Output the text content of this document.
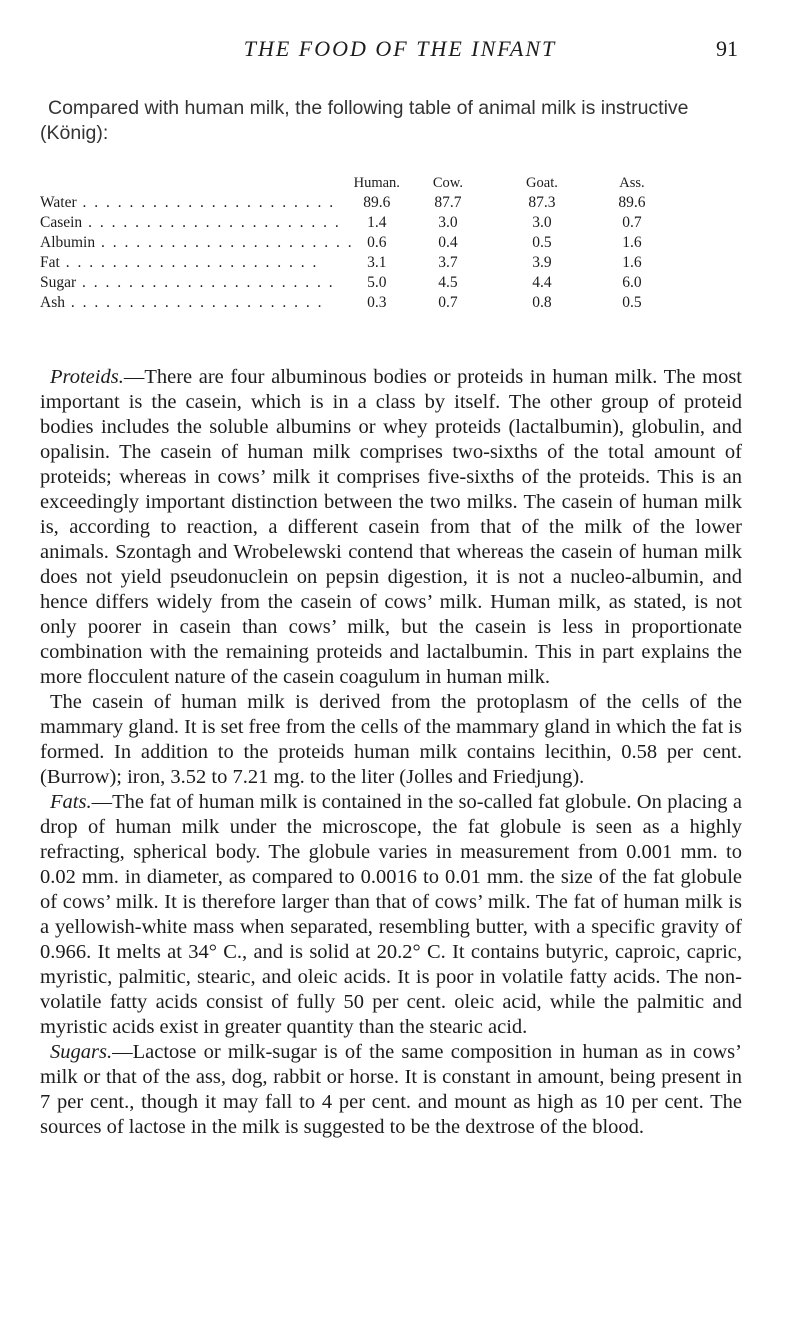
THE FOOD OF THE INFANT	91

Compared with human milk, the following table of animal milk is instructive (König):

	Human.	Cow.	Goat.	Ass.
Water . . . . . . . . . . . . . . . . . . . . . .	89.6	87.7	87.3	89.6
Casein . . . . . . . . . . . . . . . . . . . . . .	1.4	3.0	3.0	0.7
Albumin . . . . . . . . . . . . . . . . . . . . . .	0.6	0.4	0.5	1.6
Fat . . . . . . . . . . . . . . . . . . . . . .	3.1	3.7	3.9	1.6
Sugar . . . . . . . . . . . . . . . . . . . . . .	5.0	4.5	4.4	6.0
Ash . . . . . . . . . . . . . . . . . . . . . .	0.3	0.7	0.8	0.5

Proteids.—There are four albuminous bodies or proteids in human milk. The most important is the casein, which is in a class by itself. The other group of proteid bodies includes the soluble albumins or whey proteids (lactalbumin), globulin, and opalisin. The casein of human milk comprises two-sixths of the total amount of proteids; whereas in cows’ milk it comprises five-sixths of the proteids. This is an exceedingly important distinction between the two milks. The casein of human milk is, according to reaction, a different casein from that of the milk of the lower animals. Szontagh and Wrobelewski contend that whereas the casein of human milk does not yield pseudonuclein on pepsin digestion, it is not a nucleo-albumin, and hence differs widely from the casein of cows’ milk. Human milk, as stated, is not only poorer in casein than cows’ milk, but the casein is less in proportionate combination with the remaining proteids and lactalbumin. This in part explains the more flocculent nature of the casein coagulum in human milk.

The casein of human milk is derived from the protoplasm of the cells of the mammary gland. It is set free from the cells of the mammary gland in which the fat is formed. In addition to the proteids human milk contains lecithin, 0.58 per cent. (Burrow); iron, 3.52 to 7.21 mg. to the liter (Jolles and Friedjung).

Fats.—The fat of human milk is contained in the so-called fat globule. On placing a drop of human milk under the microscope, the fat globule is seen as a highly refracting, spherical body. The globule varies in measurement from 0.001 mm. to 0.02 mm. in diameter, as compared to 0.0016 to 0.01 mm. the size of the fat globule of cows’ milk. It is therefore larger than that of cows’ milk. The fat of human milk is a yellowish-white mass when separated, resembling butter, with a specific gravity of 0.966. It melts at 34° C., and is solid at 20.2° C. It contains butyric, caproic, capric, myristic, palmitic, stearic, and oleic acids. It is poor in volatile fatty acids. The non-volatile fatty acids consist of fully 50 per cent. oleic acid, while the palmitic and myristic acids exist in greater quantity than the stearic acid.

Sugars.—Lactose or milk-sugar is of the same composition in human as in cows’ milk or that of the ass, dog, rabbit or horse. It is constant in amount, being present in 7 per cent., though it may fall to 4 per cent. and mount as high as 10 per cent. The sources of lactose in the milk is suggested to be the dextrose of the blood.
